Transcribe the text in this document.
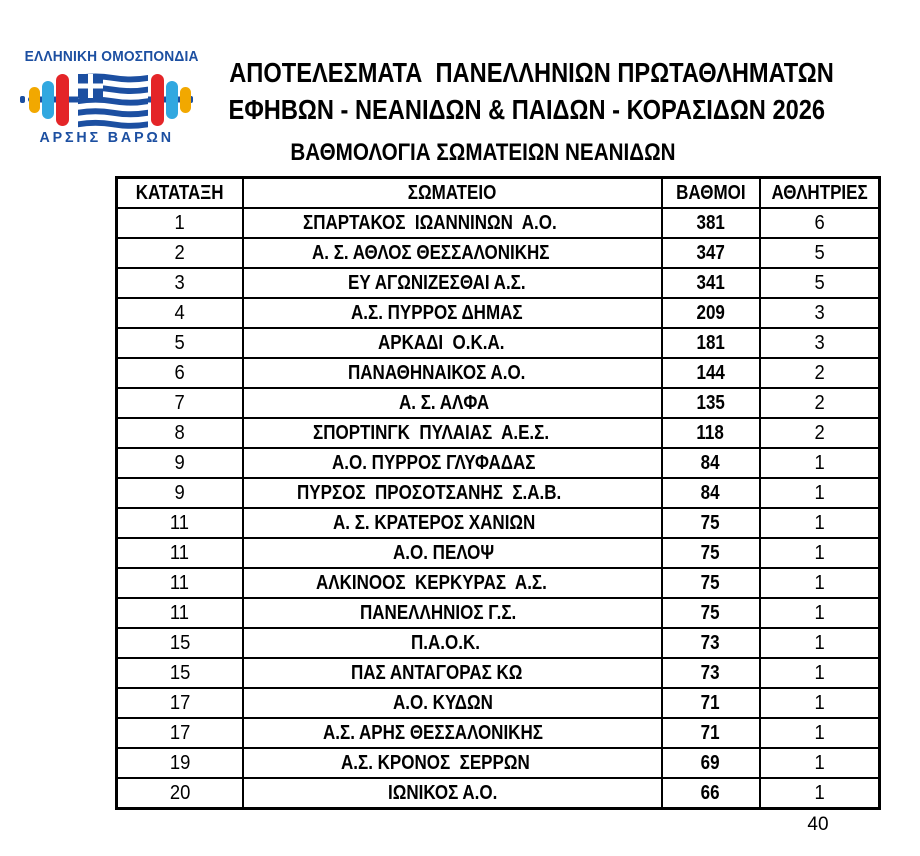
ΕΛΛΗΝΙΚΗ ΟΜΟΣΠΟΝΔΙΑ
ΑΡΣΗΣ ΒΑΡΩΝ
ΑΠΟΤΕΛΕΣΜΑΤΑ  ΠΑΝΕΛΛΗΝΙΩΝ ΠΡΩΤΑΘΛΗΜΑΤΩΝ
ΕΦΗΒΩΝ - ΝΕΑΝΙΔΩΝ & ΠΑΙΔΩΝ - ΚΟΡΑΣΙΔΩΝ 2026
ΒΑΘΜΟΛΟΓΙΑ ΣΩΜΑΤΕΙΩΝ ΝΕΑΝΙΔΩΝ
ΚΑΤΑΤΑΞΗ	ΣΩΜΑΤΕΙΟ	ΒΑΘΜΟΙ	ΑΘΛΗΤΡΙΕΣ
1	ΣΠΑΡΤΑΚΟΣ  ΙΩΑΝΝΙΝΩΝ  Α.Ο.	381	6
2	Α. Σ. ΑΘΛΟΣ ΘΕΣΣΑΛΟΝΙΚΗΣ	347	5
3	ΕΥ ΑΓΩΝΙΖΕΣΘΑΙ Α.Σ.	341	5
4	Α.Σ. ΠΥΡΡΟΣ ΔΗΜΑΣ	209	3
5	ΑΡΚΑΔΙ  Ο.Κ.Α.	181	3
6	ΠΑΝΑΘΗΝΑΙΚΟΣ Α.Ο.	144	2
7	Α. Σ. ΑΛΦΑ	135	2
8	ΣΠΟΡΤΙΝΓΚ  ΠΥΛΑΙΑΣ  Α.Ε.Σ.	118	2
9	Α.Ο. ΠΥΡΡΟΣ ΓΛΥΦΑΔΑΣ	84	1
9	ΠΥΡΣΟΣ  ΠΡΟΣΟΤΣΑΝΗΣ  Σ.Α.Β.	84	1
11	Α. Σ. ΚΡΑΤΕΡΟΣ ΧΑΝΙΩΝ	75	1
11	Α.Ο. ΠΕΛΟΨ	75	1
11	ΑΛΚΙΝΟΟΣ  ΚΕΡΚΥΡΑΣ  Α.Σ.	75	1
11	ΠΑΝΕΛΛΗΝΙΟΣ Γ.Σ.	75	1
15	Π.Α.Ο.Κ.	73	1
15	ΠΑΣ ΑΝΤΑΓΟΡΑΣ ΚΩ	73	1
17	Α.Ο. ΚΥΔΩΝ	71	1
17	Α.Σ. ΑΡΗΣ ΘΕΣΣΑΛΟΝΙΚΗΣ	71	1
19	Α.Σ. ΚΡΟΝΟΣ  ΣΕΡΡΩΝ	69	1
20	ΙΩΝΙΚΟΣ Α.Ο.	66	1
40
